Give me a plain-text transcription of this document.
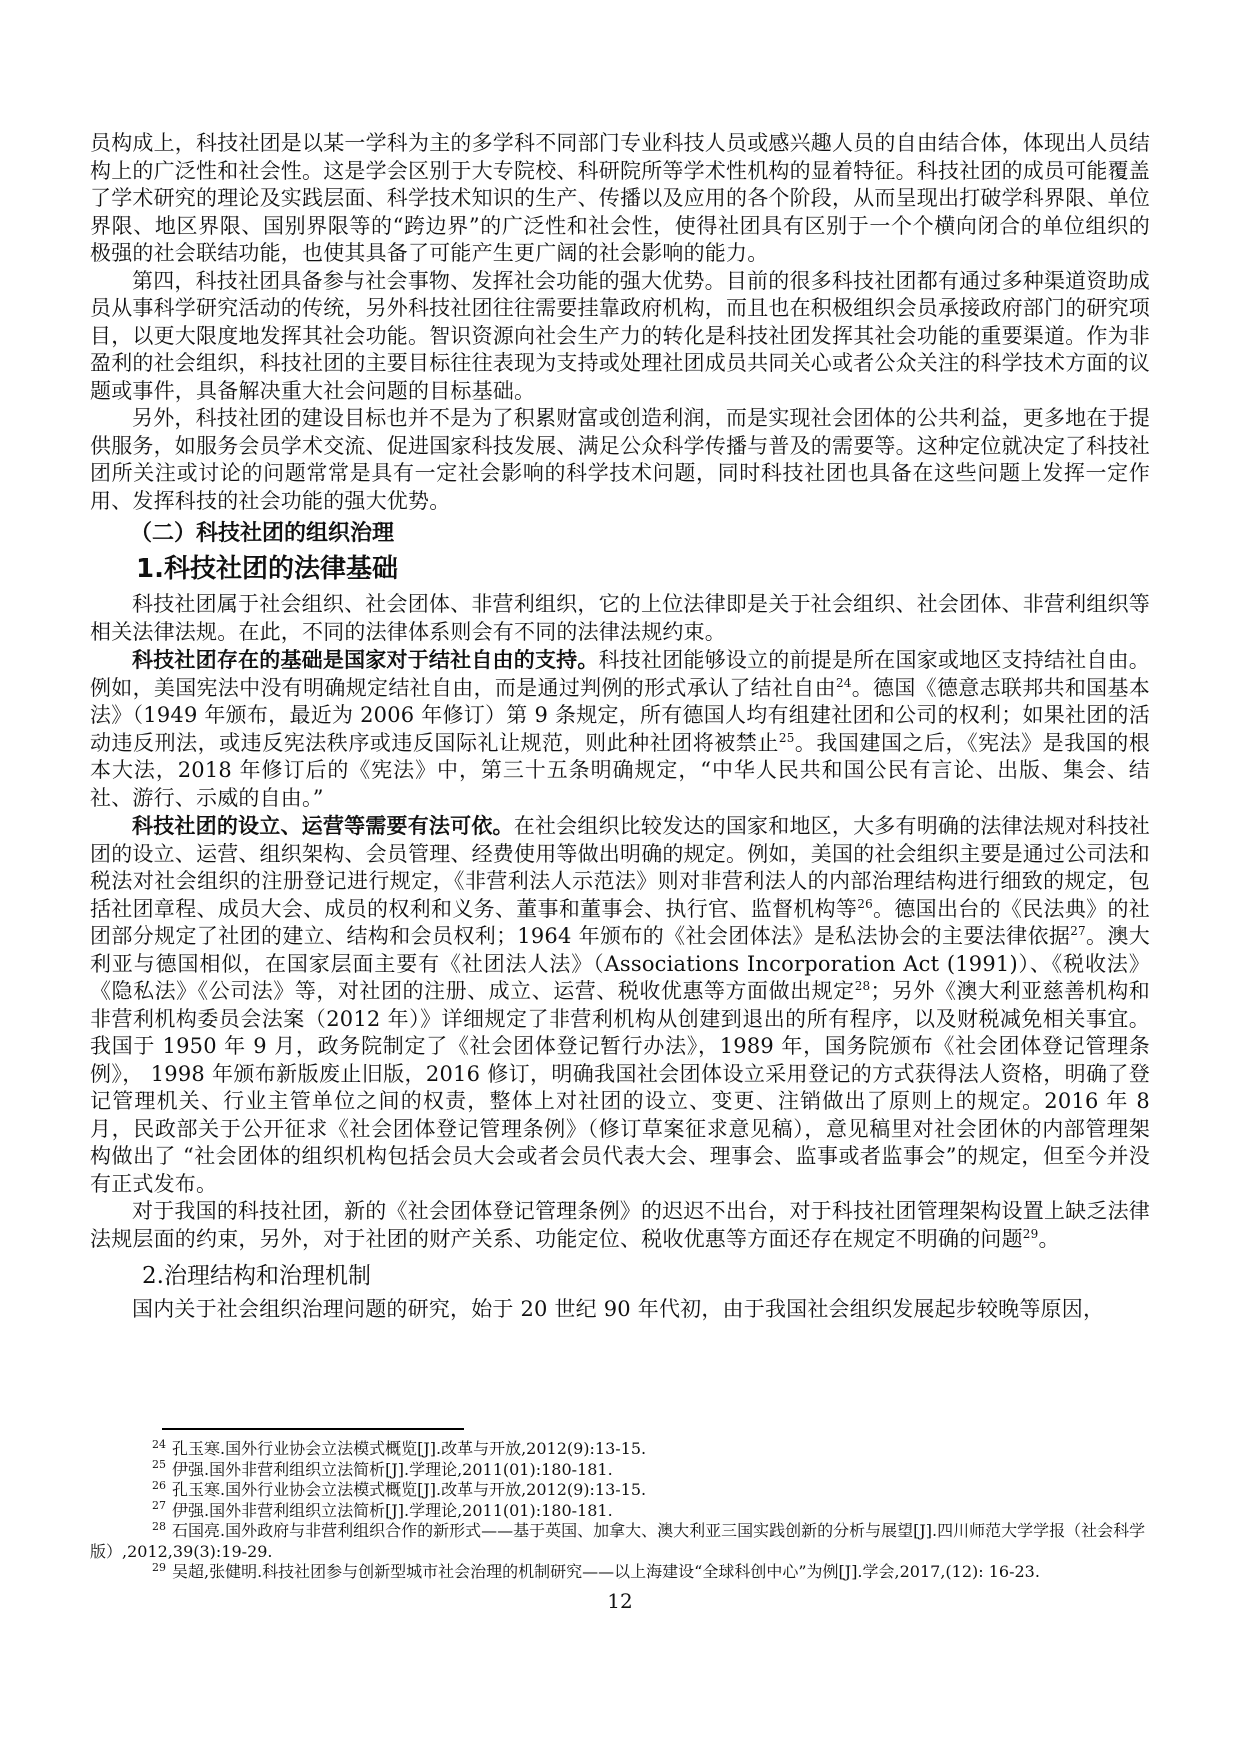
员构成上，科技社团是以某一学科为主的多学科不同部门专业科技人员或感兴趣人员的自由结合体，体现出人员结构上的广泛性和社会性。这是学会区别于大专院校、科研院所等学术性机构的显着特征。科技社团的成员可能覆盖了学术研究的理论及实践层面、科学技术知识的生产、传播以及应用的各个阶段，从而呈现出打破学科界限、单位界限、地区界限、国别界限等的“跨边界”的广泛性和社会性，使得社团具有区别于一个个横向闭合的单位组织的极强的社会联结功能，也使其具备了可能产生更广阔的社会影响的能力。

第四，科技社团具备参与社会事物、发挥社会功能的强大优势。目前的很多科技社团都有通过多种渠道资助成员从事科学研究活动的传统，另外科技社团往往需要挂靠政府机构，而且也在积极组织会员承接政府部门的研究项目，以更大限度地发挥其社会功能。智识资源向社会生产力的转化是科技社团发挥其社会功能的重要渠道。作为非盈利的社会组织，科技社团的主要目标往往表现为支持或处理社团成员共同关心或者公众关注的科学技术方面的议题或事件，具备解决重大社会问题的目标基础。

另外，科技社团的建设目标也并不是为了积累财富或创造利润，而是实现社会团体的公共利益，更多地在于提供服务，如服务会员学术交流、促进国家科技发展、满足公众科学传播与普及的需要等。这种定位就决定了科技社团所关注或讨论的问题常常是具有一定社会影响的科学技术问题，同时科技社团也具备在这些问题上发挥一定作用、发挥科技的社会功能的强大优势。

（二）科技社团的组织治理
1.科技社团的法律基础

科技社团属于社会组织、社会团体、非营利组织，它的上位法律即是关于社会组织、社会团体、非营利组织等相关法律法规。在此，不同的法律体系则会有不同的法律法规约束。

科技社团存在的基础是国家对于结社自由的支持。科技社团能够设立的前提是所在国家或地区支持结社自由。例如，美国宪法中没有明确规定结社自由，而是通过判例的形式承认了结社自由$^{24}$。德国《德意志联邦共和国基本法》（1949 年颁布，最近为 2006 年修订）第 9 条规定，所有德国人均有组建社团和公司的权利；如果社团的活动违反刑法，或违反宪法秩序或违反国际礼让规范，则此种社团将被禁止$^{25}$。我国建国之后，《宪法》是我国的根本大法，2018 年修订后的《宪法》中，第三十五条明确规定，“中华人民共和国公民有言论、出版、集会、结社、游行、示威的自由。”

科技社团的设立、运营等需要有法可依。在社会组织比较发达的国家和地区，大多有明确的法律法规对科技社团的设立、运营、组织架构、会员管理、经费使用等做出明确的规定。例如，美国的社会组织主要是通过公司法和税法对社会组织的注册登记进行规定，《非营利法人示范法》则对非营利法人的内部治理结构进行细致的规定，包括社团章程、成员大会、成员的权利和义务、董事和董事会、执行官、监督机构等$^{26}$。德国出台的《民法典》的社团部分规定了社团的建立、结构和会员权利；1964 年颁布的《社会团体法》是私法协会的主要法律依据$^{27}$。澳大利亚与德国相似，在国家层面主要有《社团法人法》（Associations Incorporation Act (1991)）、《税收法》《隐私法》《公司法》等，对社团的注册、成立、运营、税收优惠等方面做出规定$^{28}$；另外《澳大利亚慈善机构和非营利机构委员会法案（2012 年）》详细规定了非营利机构从创建到退出的所有程序，以及财税减免相关事宜。我国于 1950 年 9 月，政务院制定了《社会团体登记暂行办法》，1989 年，国务院颁布《社会团体登记管理条例》， 1998 年颁布新版废止旧版，2016 修订，明确我国社会团体设立采用登记的方式获得法人资格，明确了登记管理机关、行业主管单位之间的权责，整体上对社团的设立、变更、注销做出了原则上的规定。2016 年 8 月，民政部关于公开征求《社会团体登记管理条例》（修订草案征求意见稿），意见稿里对社会团休的内部管理架构做出了 “社会团体的组织机构包括会员大会或者会员代表大会、理事会、监事或者监事会”的规定，但至今并没有正式发布。

对于我国的科技社团，新的《社会团体登记管理条例》的迟迟不出台，对于科技社团管理架构设置上缺乏法律法规层面的约束，另外，对于社团的财产关系、功能定位、税收优惠等方面还存在规定不明确的问题$^{29}$。

2.治理结构和治理机制

国内关于社会组织治理问题的研究，始于 20 世纪 90 年代初，由于我国社会组织发展起步较晚等原因，

$^{24}$ 孔玉寒.国外行业协会立法模式概览[J].改革与开放,2012(9):13-15.

$^{25}$ 伊强.国外非营利组织立法简析[J].学理论,2011(01):180-181.

$^{26}$ 孔玉寒.国外行业协会立法模式概览[J].改革与开放,2012(9):13-15.

$^{27}$ 伊强.国外非营利组织立法简析[J].学理论,2011(01):180-181.

$^{28}$ 石国亮.国外政府与非营利组织合作的新形式——基于英国、加拿大、澳大利亚三国实践创新的分析与展望[J].四川师范大学学报（社会科学版）,2012,39(3):19-29.

$^{29}$ 吴超,张健明.科技社团参与创新型城市社会治理的机制研究——以上海建设“全球科创中心”为例[J].学会,2017,(12): 16-23.

12
